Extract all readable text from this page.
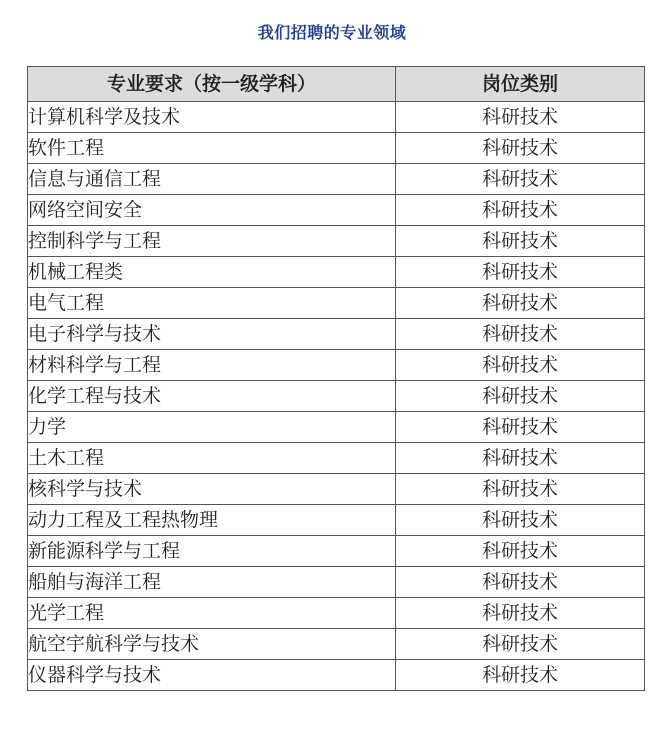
我们招聘的专业领域
专业要求（按一级学科）	岗位类别
计算机科学及技术	科研技术
软件工程	科研技术
信息与通信工程	科研技术
网络空间安全	科研技术
控制科学与工程	科研技术
机械工程类	科研技术
电气工程	科研技术
电子科学与技术	科研技术
材料科学与工程	科研技术
化学工程与技术	科研技术
力学	科研技术
土木工程	科研技术
核科学与技术	科研技术
动力工程及工程热物理	科研技术
新能源科学与工程	科研技术
船舶与海洋工程	科研技术
光学工程	科研技术
航空宇航科学与技术	科研技术
仪器科学与技术	科研技术
